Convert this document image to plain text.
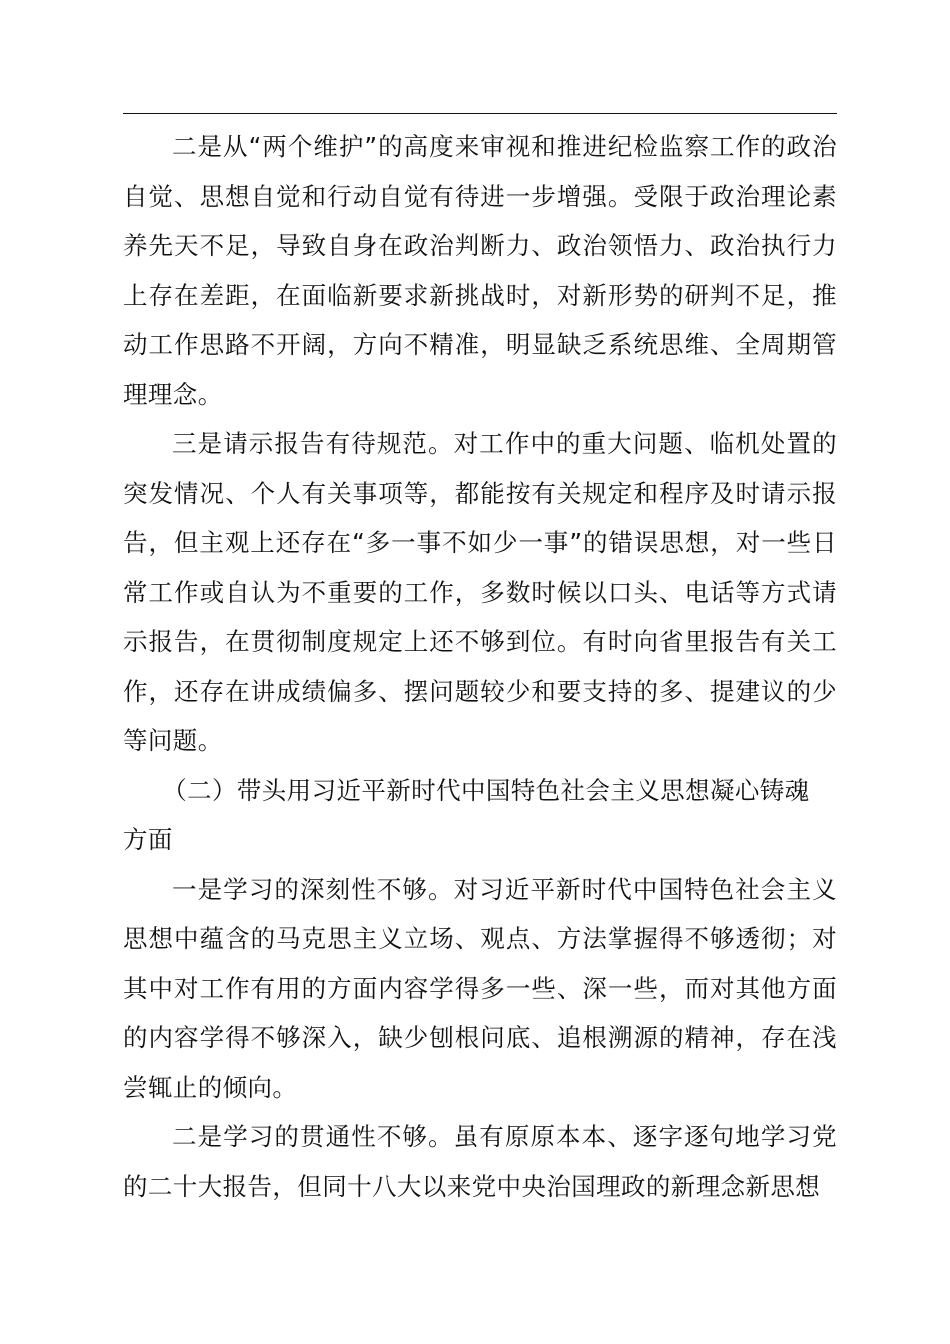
二是从“两个维护”的高度来审视和推进纪检监察工作的政治自觉、思想自觉和行动自觉有待进一步增强。受限于政治理论素养先天不足，导致自身在政治判断力、政治领悟力、政治执行力上存在差距，在面临新要求新挑战时，对新形势的研判不足，推动工作思路不开阔，方向不精准，明显缺乏系统思维、全周期管理理念。

三是请示报告有待规范。对工作中的重大问题、临机处置的突发情况、个人有关事项等，都能按有关规定和程序及时请示报告，但主观上还存在“多一事不如少一事”的错误思想，对一些日常工作或自认为不重要的工作，多数时候以口头、电话等方式请示报告，在贯彻制度规定上还不够到位。有时向省里报告有关工作，还存在讲成绩偏多、摆问题较少和要支持的多、提建议的少等问题。

（二）带头用习近平新时代中国特色社会主义思想凝心铸魂方面

一是学习的深刻性不够。对习近平新时代中国特色社会主义思想中蕴含的马克思主义立场、观点、方法掌握得不够透彻；对其中对工作有用的方面内容学得多一些、深一些，而对其他方面的内容学得不够深入，缺少刨根问底、追根溯源的精神，存在浅尝辄止的倾向。

二是学习的贯通性不够。虽有原原本本、逐字逐句地学习党的二十大报告，但同十八大以来党中央治国理政的新理念新思想
